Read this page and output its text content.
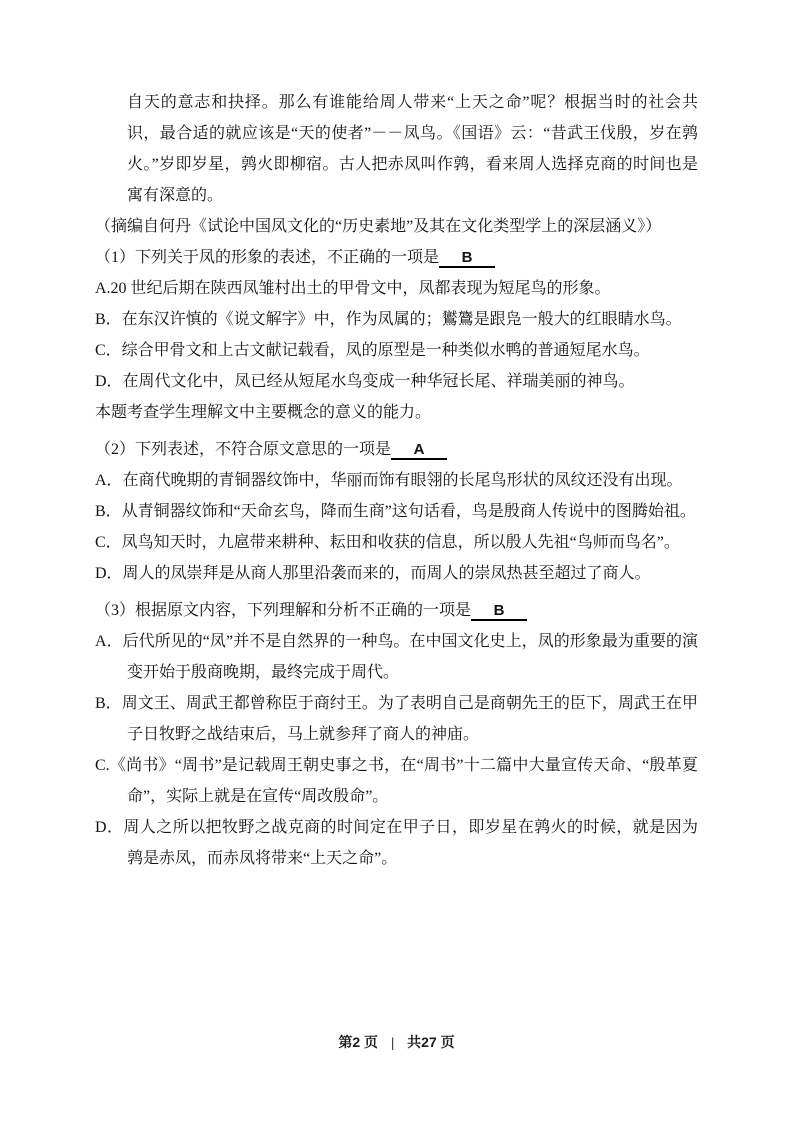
自天的意志和抉择。那么有谁能给周人带来“上天之命”呢？根据当时的社会共识，最合适的就应该是“天的使者”－－凤鸟。《国语》云：“昔武王伐殷，岁在鹑火。”岁即岁星，鹑火即柳宿。古人把赤凤叫作鹑，看来周人选择克商的时间也是寓有深意的。

（摘编自何丹《试论中国凤文化的“历史素地”及其在文化类型学上的深层涵义》）

（1）下列关于凤的形象的表述，不正确的一项是 B

A.20 世纪后期在陕西凤雏村出土的甲骨文中，凤都表现为短尾鸟的形象。

B．在东汉许慎的《说文解字》中，作为凤属的；鸑鷟是跟凫一般大的红眼睛水鸟。

C．综合甲骨文和上古文献记载看，凤的原型是一种类似水鸭的普通短尾水鸟。

D．在周代文化中，凤已经从短尾水鸟变成一种华冠长尾、祥瑞美丽的神鸟。

本题考查学生理解文中主要概念的意义的能力。

（2）下列表述，不符合原文意思的一项是 A

A．在商代晚期的青铜器纹饰中，华丽而饰有眼翎的长尾鸟形状的凤纹还没有出现。

B．从青铜器纹饰和“天命玄鸟，降而生商”这句话看，鸟是殷商人传说中的图腾始祖。

C．凤鸟知天时，九扈带来耕种、耘田和收获的信息，所以殷人先祖“鸟师而鸟名”。

D．周人的凤崇拜是从商人那里沿袭而来的，而周人的崇凤热甚至超过了商人。

（3）根据原文内容，下列理解和分析不正确的一项是 B

A．后代所见的“凤”并不是自然界的一种鸟。在中国文化史上，凤的形象最为重要的演变开始于殷商晚期，最终完成于周代。

B．周文王、周武王都曾称臣于商纣王。为了表明自己是商朝先王的臣下，周武王在甲子日牧野之战结束后，马上就参拜了商人的神庙。

C.《尚书》“周书”是记载周王朝史事之书，在“周书”十二篇中大量宣传天命、“殷革夏命”，实际上就是在宣传“周改殷命”。

D．周人之所以把牧野之战克商的时间定在甲子日，即岁星在鹑火的时候，就是因为鹑是赤凤，而赤凤将带来“上天之命”。

第2 页 | 共27 页
